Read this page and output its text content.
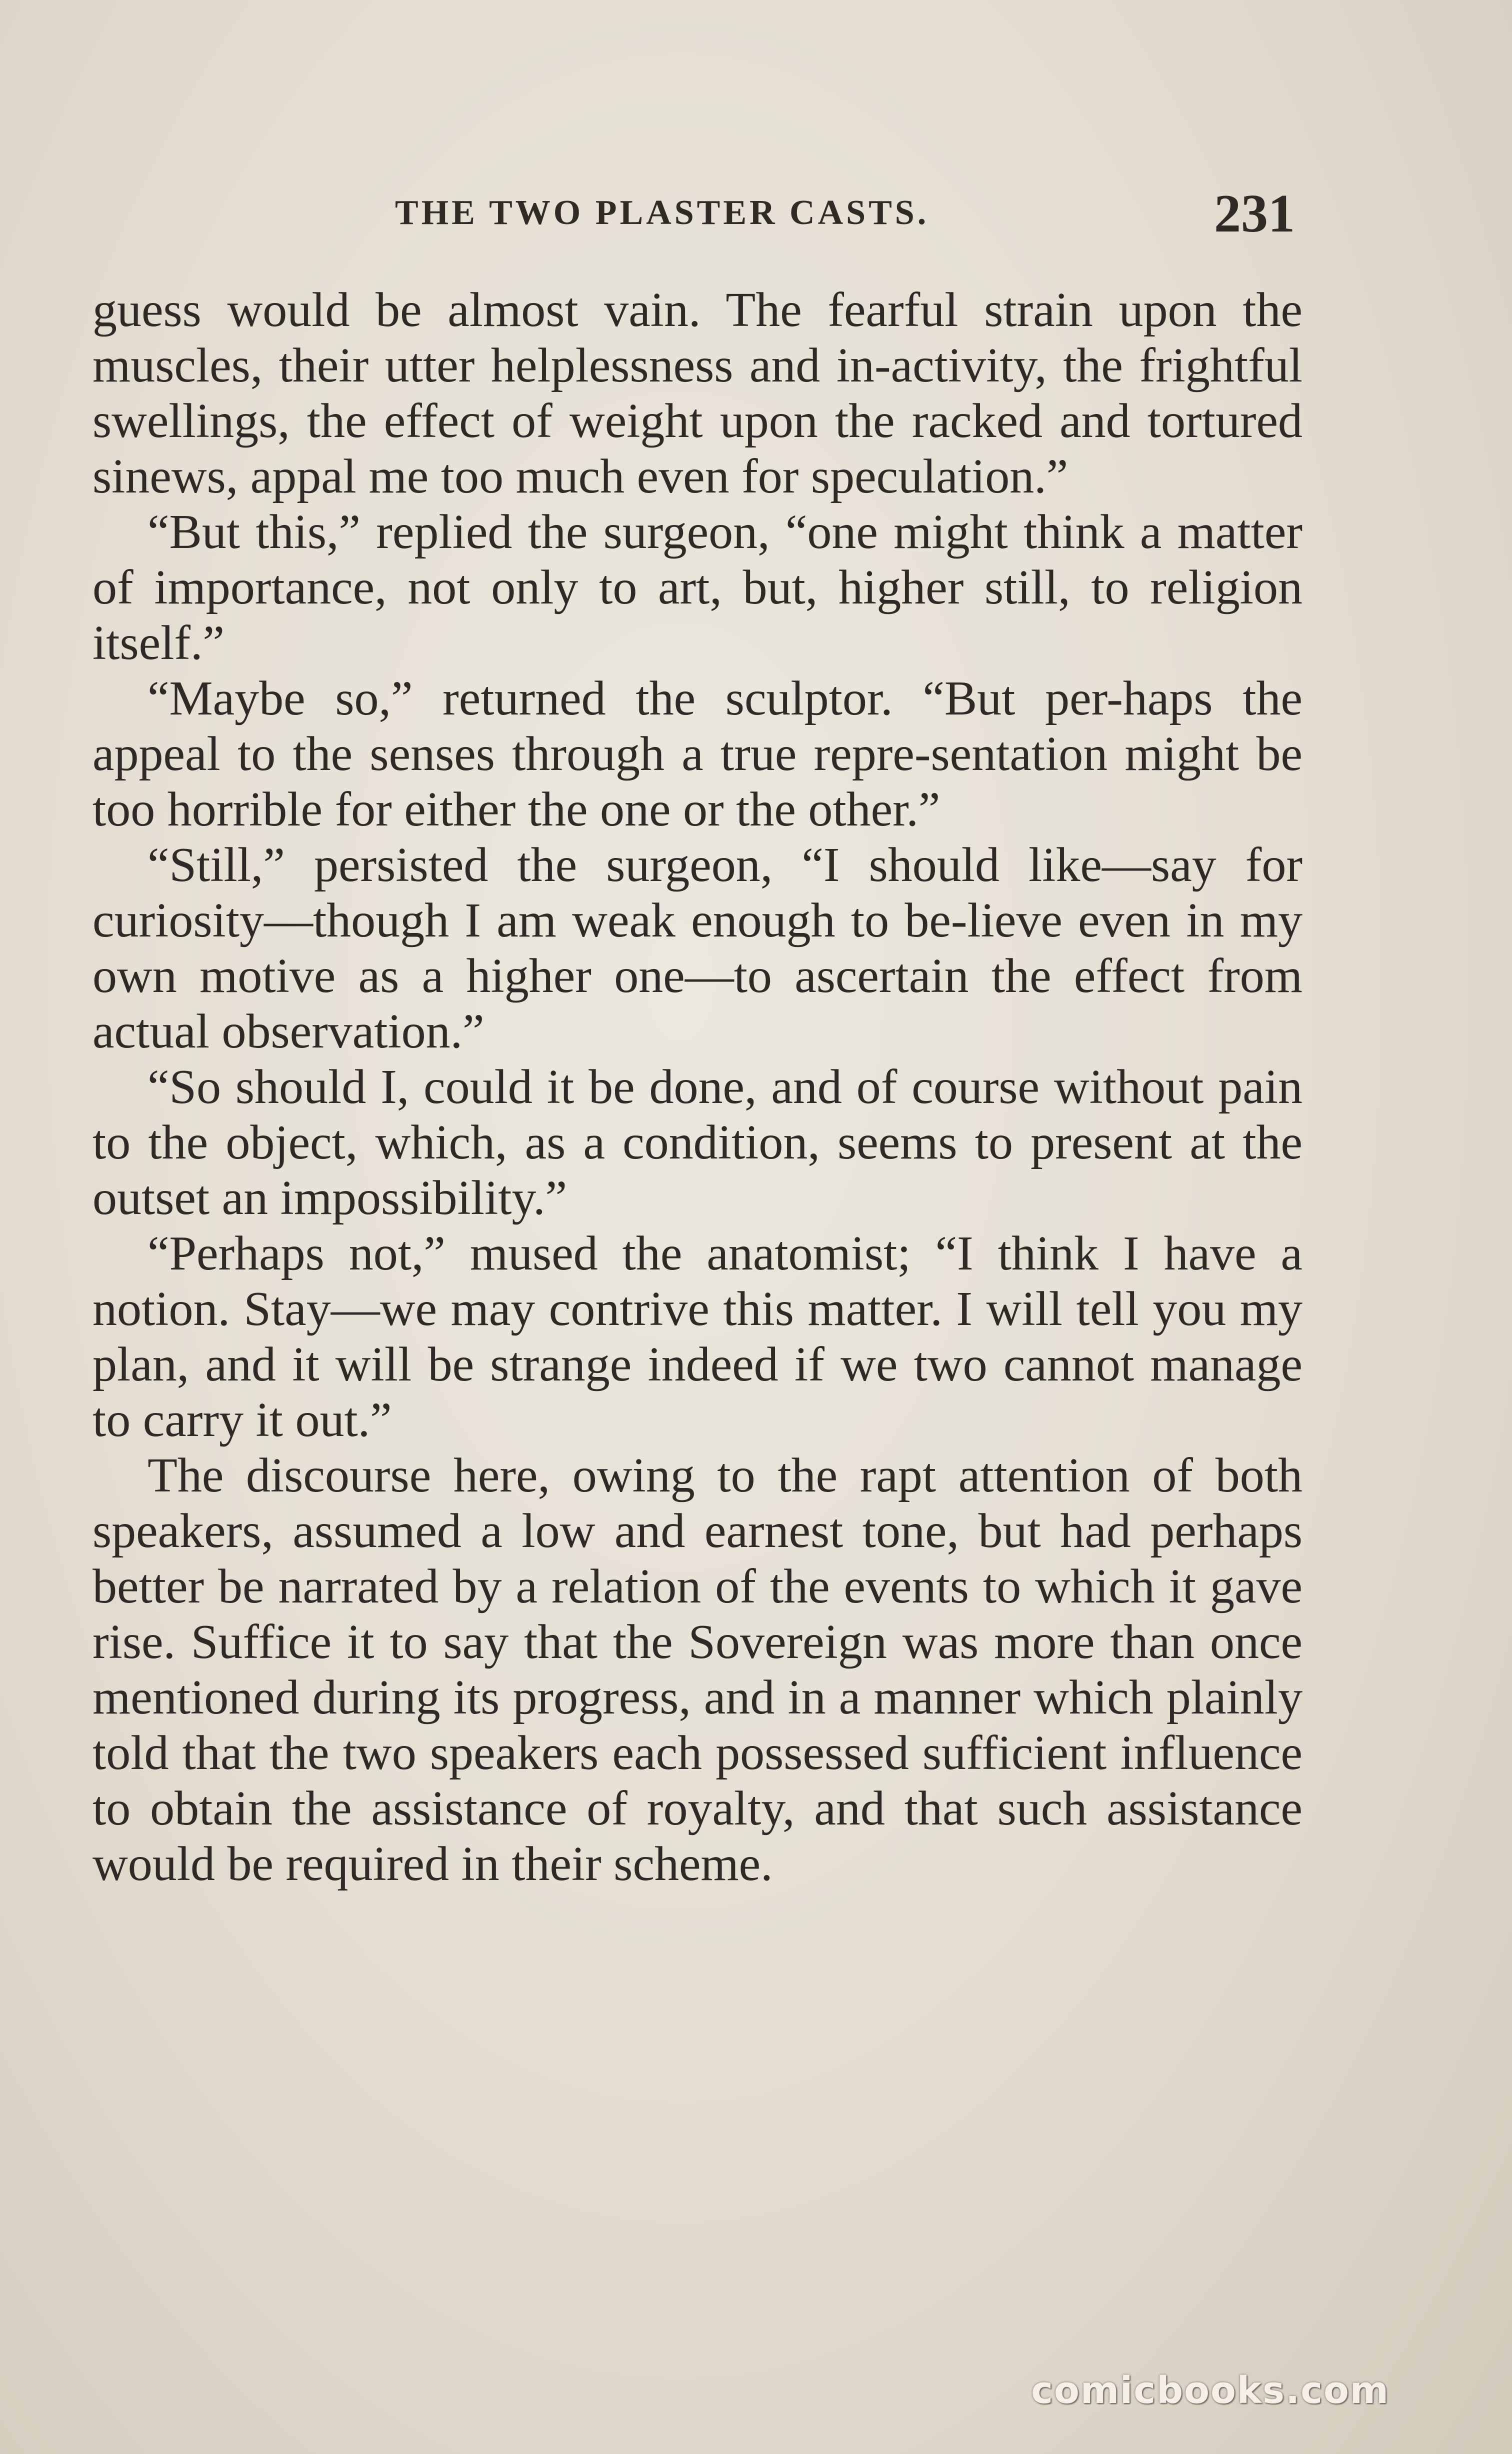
THE TWO PLASTER CASTS.	231

guess would be almost vain. The fearful strain upon the muscles, their utter helplessness and in-activity, the frightful swellings, the effect of weight upon the racked and tortured sinews, appal me too much even for speculation.”

“But this,” replied the surgeon, “one might think a matter of importance, not only to art, but, higher still, to religion itself.”

“Maybe so,” returned the sculptor. “But per-haps the appeal to the senses through a true repre-sentation might be too horrible for either the one or the other.”

“Still,” persisted the surgeon, “I should like—say for curiosity—though I am weak enough to be-lieve even in my own motive as a higher one—to ascertain the effect from actual observation.”

“So should I, could it be done, and of course without pain to the object, which, as a condition, seems to present at the outset an impossibility.”

“Perhaps not,” mused the anatomist; “I think I have a notion. Stay—we may contrive this matter. I will tell you my plan, and it will be strange indeed if we two cannot manage to carry it out.”

The discourse here, owing to the rapt attention of both speakers, assumed a low and earnest tone, but had perhaps better be narrated by a relation of the events to which it gave rise. Suffice it to say that the Sovereign was more than once mentioned during its progress, and in a manner which plainly told that the two speakers each possessed sufficient influence to obtain the assistance of royalty, and that such assistance would be required in their scheme.

comicbooks.com
